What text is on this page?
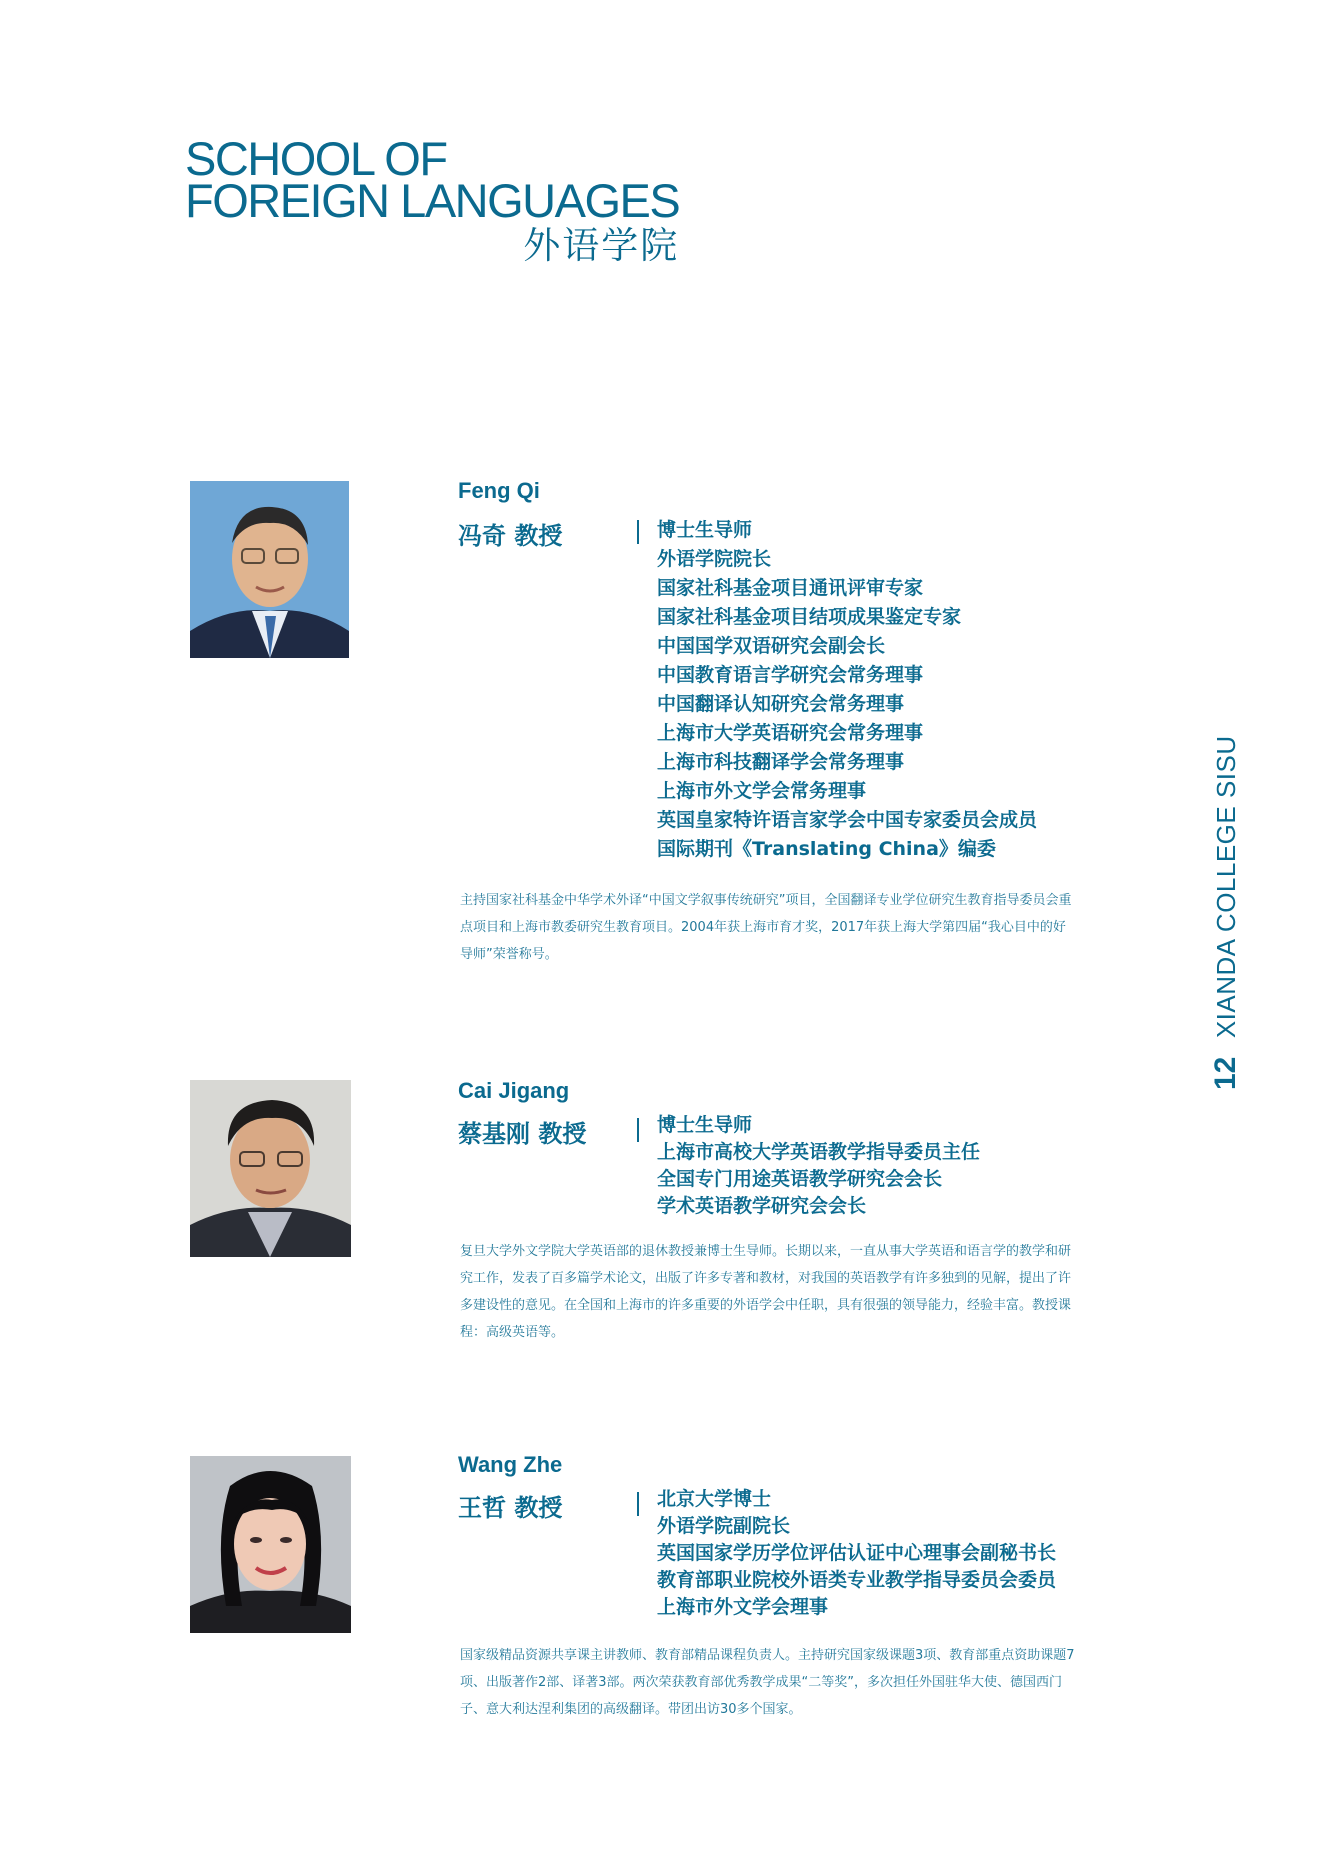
SCHOOL OF
FOREIGN LANGUAGES
外语学院
Feng Qi
冯奇 教授	博士生导师
外语学院院长
国家社科基金项目通讯评审专家
国家社科基金项目结项成果鉴定专家
中国国学双语研究会副会长
中国教育语言学研究会常务理事
中国翻译认知研究会常务理事
上海市大学英语研究会常务理事
上海市科技翻译学会常务理事
上海市外文学会常务理事
英国皇家特许语言家学会中国专家委员会成员
国际期刊《Translating China》编委
主持国家社科基金中华学术外译“中国文学叙事传统研究”项目，全国翻译专业学位研究生教育指导委员会重点项目和上海市教委研究生教育项目。2004年获上海市育才奖，2017年获上海大学第四届“我心目中的好导师”荣誉称号。
Cai Jigang
蔡基刚 教授	博士生导师
上海市高校大学英语教学指导委员主任
全国专门用途英语教学研究会会长
学术英语教学研究会会长
复旦大学外文学院大学英语部的退休教授兼博士生导师。长期以来，一直从事大学英语和语言学的教学和研究工作，发表了百多篇学术论文，出版了许多专著和教材，对我国的英语教学有许多独到的见解，提出了许多建设性的意见。在全国和上海市的许多重要的外语学会中任职，具有很强的领导能力，经验丰富。教授课程：高级英语等。
Wang Zhe
王哲 教授	北京大学博士
外语学院副院长
英国国家学历学位评估认证中心理事会副秘书长
教育部职业院校外语类专业教学指导委员会委员
上海市外文学会理事
国家级精品资源共享课主讲教师、教育部精品课程负责人。主持研究国家级课题3项、教育部重点资助课题7项、出版著作2部、译著3部。两次荣获教育部优秀教学成果“二等奖”，多次担任外国驻华大使、德国西门子、意大利达涅利集团的高级翻译。带团出访30多个国家。
12 XIANDA COLLEGE SISU
